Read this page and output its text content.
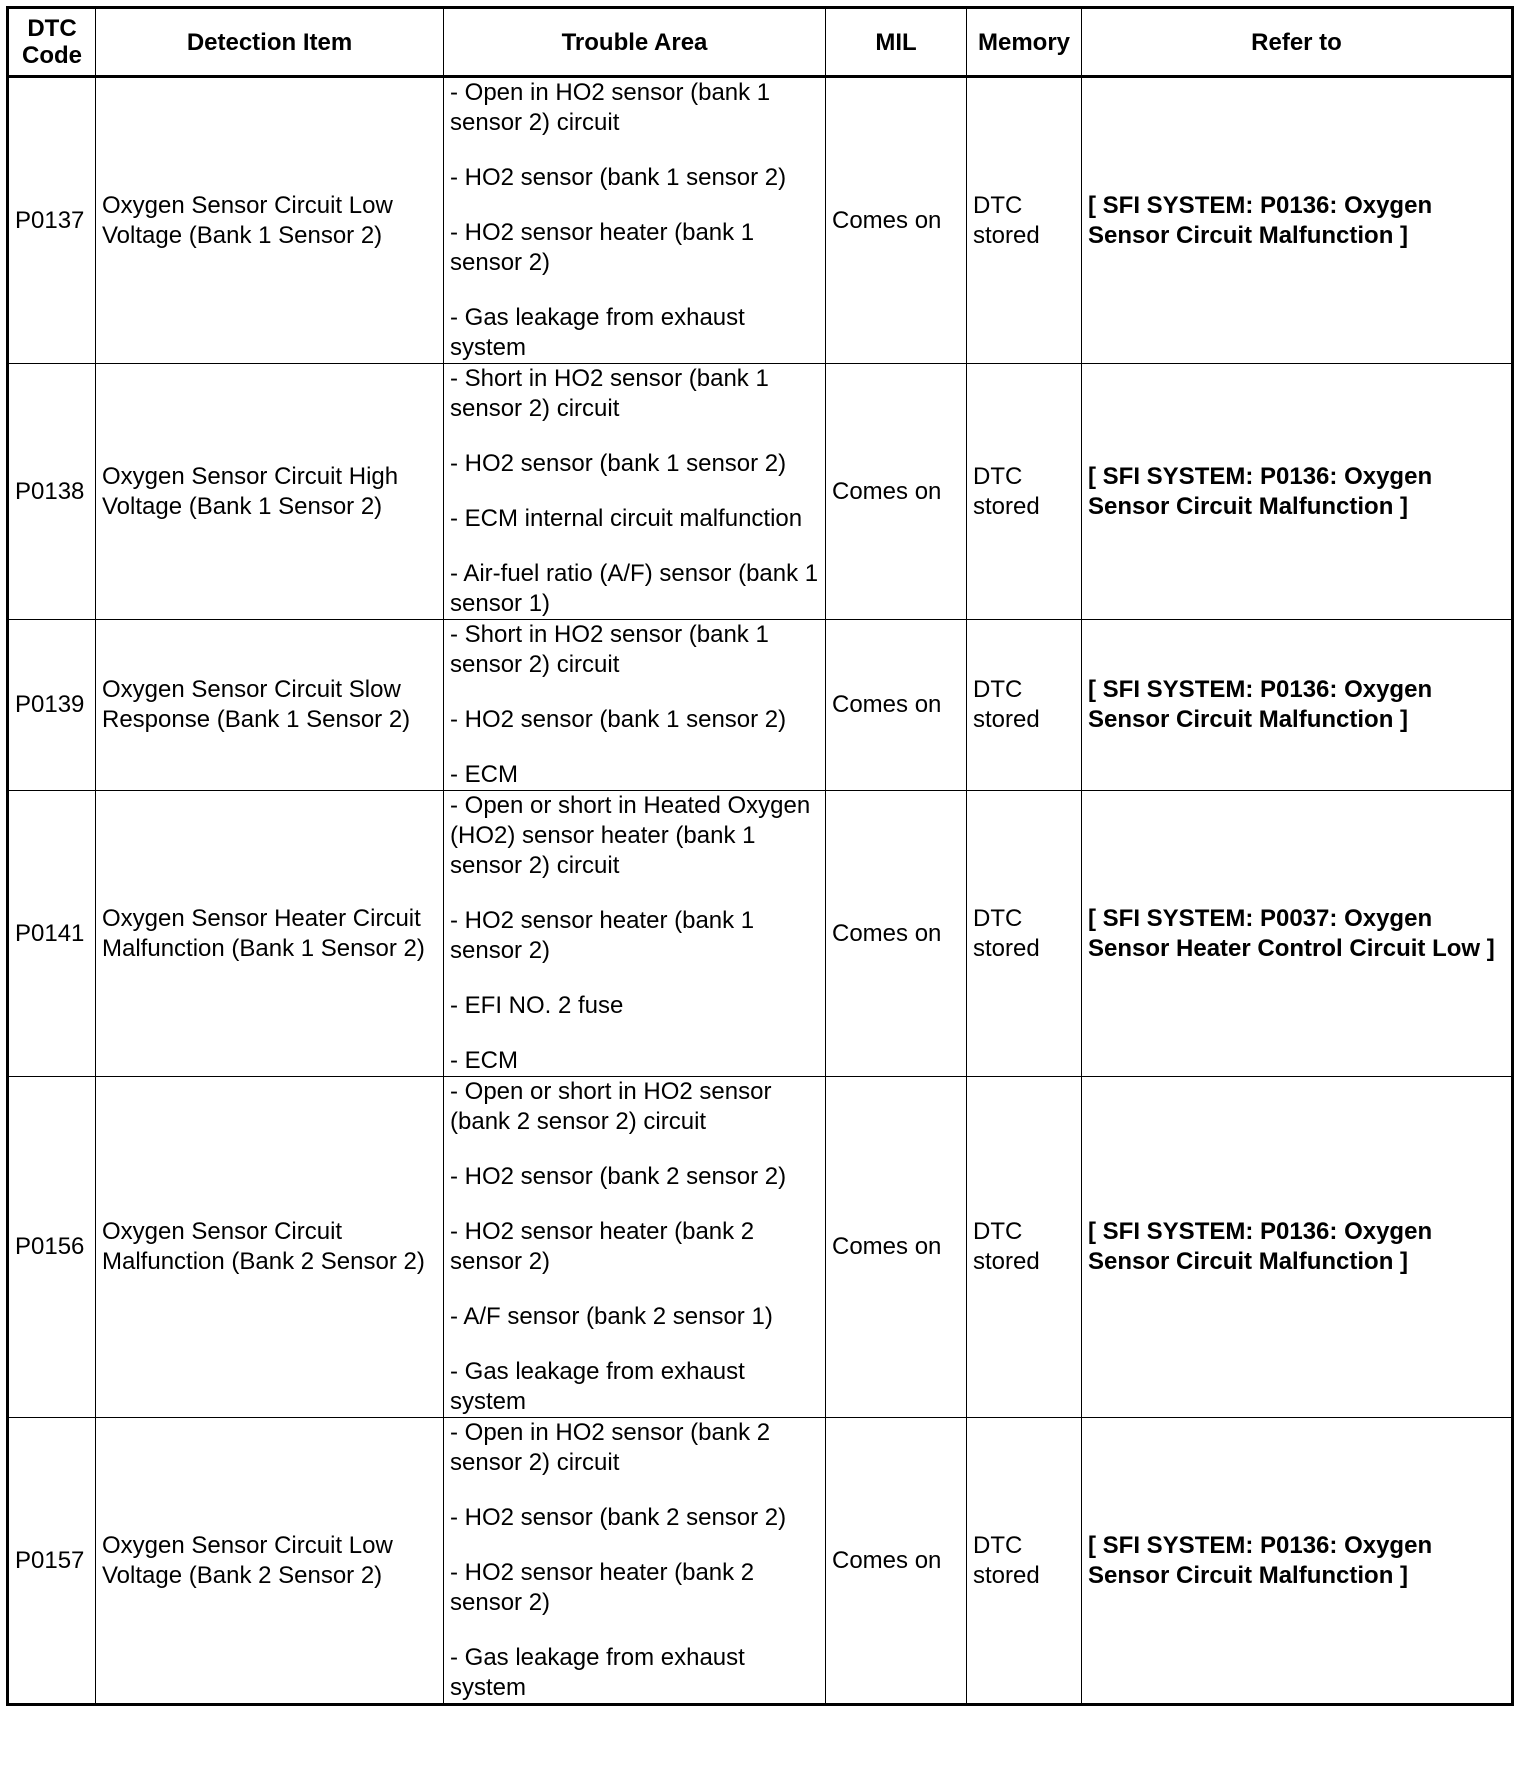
DTC
Code	Detection Item	Trouble Area	MIL	Memory	Refer to
P0137	Oxygen Sensor Circuit Low Voltage (Bank 1 Sensor 2)	- Open in HO2 sensor (bank 1 sensor 2) circuit
- HO2 sensor (bank 1 sensor 2)
- HO2 sensor heater (bank 1 sensor 2)
- Gas leakage from exhaust system	Comes on	DTC stored	[ SFI SYSTEM: P0136: Oxygen Sensor Circuit Malfunction ]
P0138	Oxygen Sensor Circuit High Voltage (Bank 1 Sensor 2)	- Short in HO2 sensor (bank 1 sensor 2) circuit
- HO2 sensor (bank 1 sensor 2)
- ECM internal circuit malfunction
- Air-fuel ratio (A/F) sensor (bank 1 sensor 1)	Comes on	DTC stored	[ SFI SYSTEM: P0136: Oxygen Sensor Circuit Malfunction ]
P0139	Oxygen Sensor Circuit Slow Response (Bank 1 Sensor 2)	- Short in HO2 sensor (bank 1 sensor 2) circuit
- HO2 sensor (bank 1 sensor 2)
- ECM	Comes on	DTC stored	[ SFI SYSTEM: P0136: Oxygen Sensor Circuit Malfunction ]
P0141	Oxygen Sensor Heater Circuit Malfunction (Bank 1 Sensor 2)	- Open or short in Heated Oxygen (HO2) sensor heater (bank 1 sensor 2) circuit
- HO2 sensor heater (bank 1 sensor 2)
- EFI NO. 2 fuse
- ECM	Comes on	DTC stored	[ SFI SYSTEM: P0037: Oxygen Sensor Heater Control Circuit Low ]
P0156	Oxygen Sensor Circuit Malfunction (Bank 2 Sensor 2)	- Open or short in HO2 sensor (bank 2 sensor 2) circuit
- HO2 sensor (bank 2 sensor 2)
- HO2 sensor heater (bank 2 sensor 2)
- A/F sensor (bank 2 sensor 1)
- Gas leakage from exhaust system	Comes on	DTC stored	[ SFI SYSTEM: P0136: Oxygen Sensor Circuit Malfunction ]
P0157	Oxygen Sensor Circuit Low Voltage (Bank 2 Sensor 2)	- Open in HO2 sensor (bank 2 sensor 2) circuit
- HO2 sensor (bank 2 sensor 2)
- HO2 sensor heater (bank 2 sensor 2)
- Gas leakage from exhaust system	Comes on	DTC stored	[ SFI SYSTEM: P0136: Oxygen Sensor Circuit Malfunction ]
